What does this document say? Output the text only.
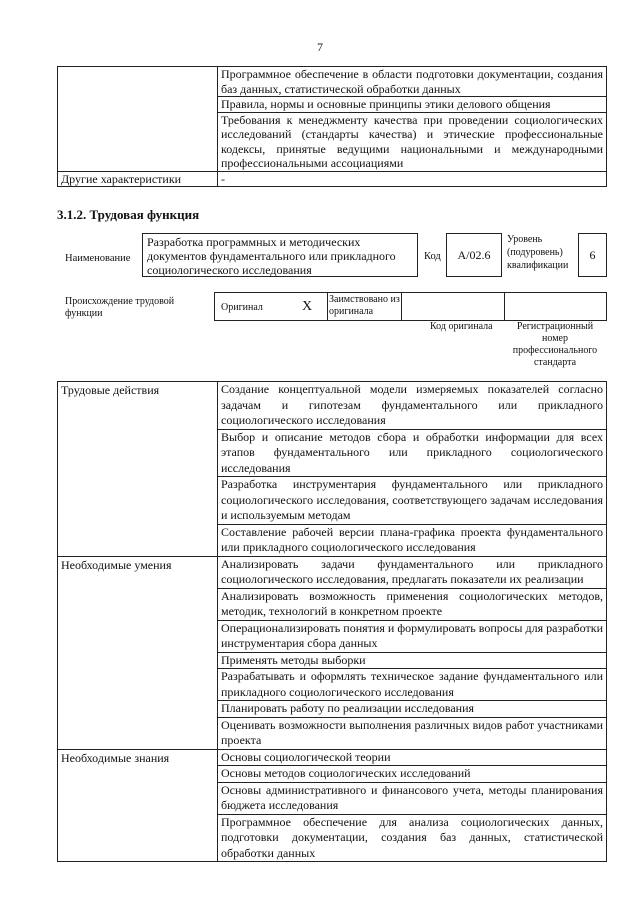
7
	Программное обеспечение в области подготовки документации, создания баз данных, статистической обработки данных
	Правила, нормы и основные принципы этики делового общения
	Требования к менеджменту качества при проведении социологических исследований (стандарты качества) и этические профессиональные кодексы, принятые ведущими национальными и международными профессиональными ассоциациями
Другие характеристики	-
3.1.2. Трудовая функция
Наименование
Разработка программных и методических документов фундаментального или прикладного социологического исследования
Код А/02.6
Уровень (подуровень) квалификации
6
Происхождение трудовой функции
Оригинал	X Заимствовано из оригинала
Код оригинала	Регистрационный номер профессионального стандарта
Трудовые действия	Создание концептуальной модели измеряемых показателей согласно задачам и гипотезам фундаментального или прикладного социологического исследования
	Выбор и описание методов сбора и обработки информации для всех этапов фундаментального или прикладного социологического исследования
	Разработка инструментария фундаментального или прикладного социологического исследования, соответствующего задачам исследования и используемым методам
	Составление рабочей версии плана-графика проекта фундаментального или прикладного социологического исследования
Необходимые умения	Анализировать задачи фундаментального или прикладного социологического исследования, предлагать показатели их реализации
	Анализировать возможность применения социологических методов, методик, технологий в конкретном проекте
	Операционализировать понятия и формулировать вопросы для разработки инструментария сбора данных
	Применять методы выборки
	Разрабатывать и оформлять техническое задание фундаментального или прикладного социологического исследования
	Планировать работу по реализации исследования
	Оценивать возможности выполнения различных видов работ участниками проекта
Необходимые знания	Основы социологической теории
	Основы методов социологических исследований
	Основы административного и финансового учета, методы планирования бюджета исследования
	Программное обеспечение для анализа социологических данных, подготовки документации, создания баз данных, статистической обработки данных
